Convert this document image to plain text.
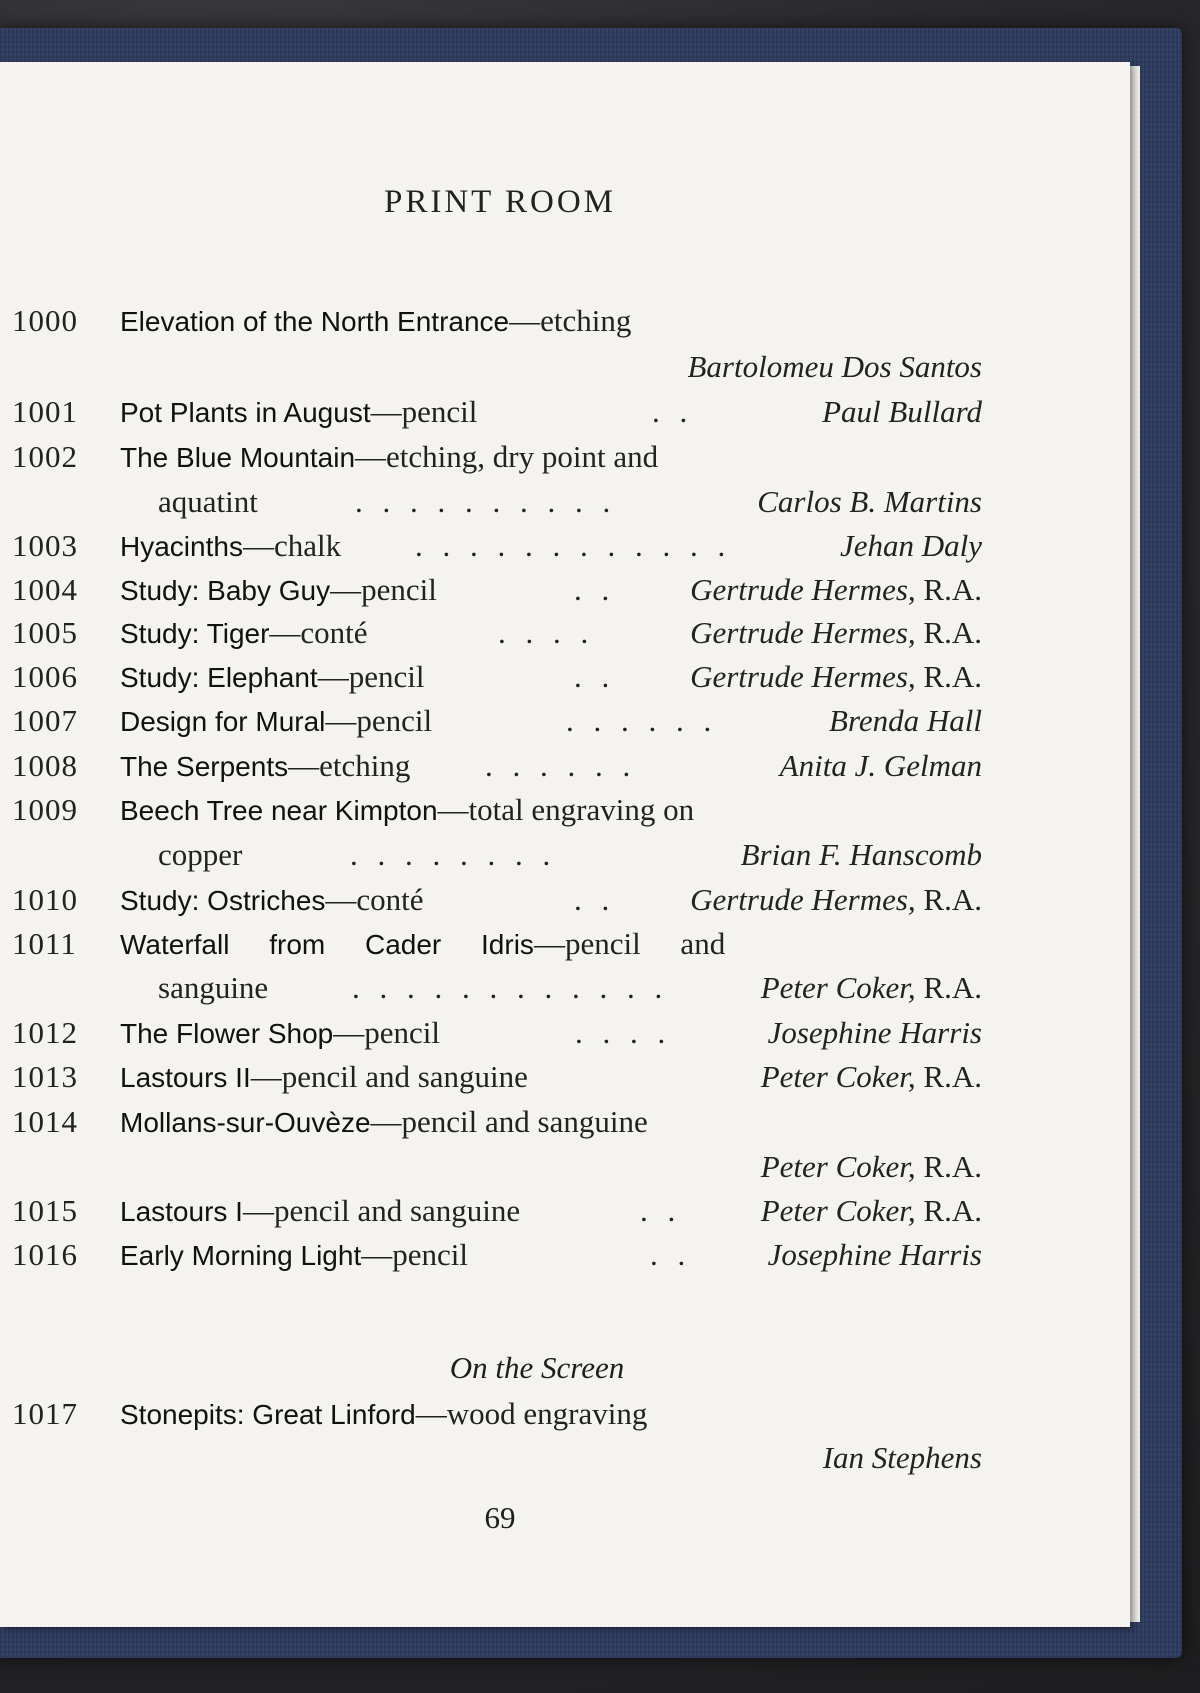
PRINT ROOM
1000 Elevation of the North Entrance—etching
Bartolomeu Dos Santos
1001 Pot Plants in August—pencil	. .	Paul Bullard
1002 The Blue Mountain—etching, dry point and
aquatint	. . . . . . . . . .	Carlos B. Martins
1003 Hyacinths—chalk . . . . . . . . . . . .	Jehan Daly
1004 Study: Baby Guy—pencil	. . Gertrude Hermes, R.A.
1005 Study: Tiger—conté	. . . .	Gertrude Hermes, R.A.
1006 Study: Elephant—pencil	. . Gertrude Hermes, R.A.
1007 Design for Mural—pencil	. . . . . .	Brenda Hall
1008 The Serpents—etching . . . . . .	Anita J. Gelman
1009 Beech Tree near Kimpton—total engraving on
copper	. . . . . . . .	Brian F. Hanscomb
1010 Study: Ostriches—conté	. . Gertrude Hermes, R.A.
1011 Waterfall from Cader Idris—pencil and
sanguine	. . . . . . . . . . . .	Peter Coker, R.A.
1012 The Flower Shop—pencil	. . . .	Josephine Harris
1013 Lastours II—pencil and sanguine	Peter Coker, R.A.
1014 Mollans-sur-Ouvèze—pencil and sanguine
Peter Coker, R.A.
1015 Lastours I—pencil and sanguine	. .	Peter Coker, R.A.
1016 Early Morning Light—pencil	. . Josephine Harris
On the Screen
1017 Stonepits: Great Linford—wood engraving
Ian Stephens
69
